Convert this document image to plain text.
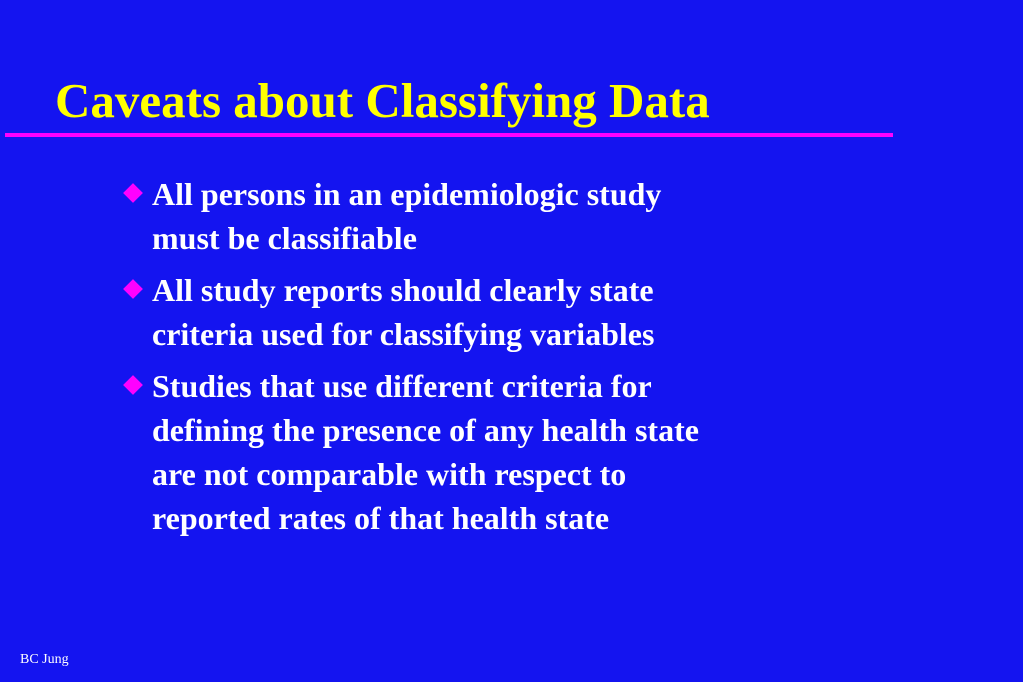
Caveats about Classifying Data
All persons in an epidemiologic study
must be classifiable
All study reports should clearly state
criteria used for classifying variables
Studies that use different criteria for
defining the presence of any health state
are not comparable with respect to
reported rates of that health state
BC Jung
